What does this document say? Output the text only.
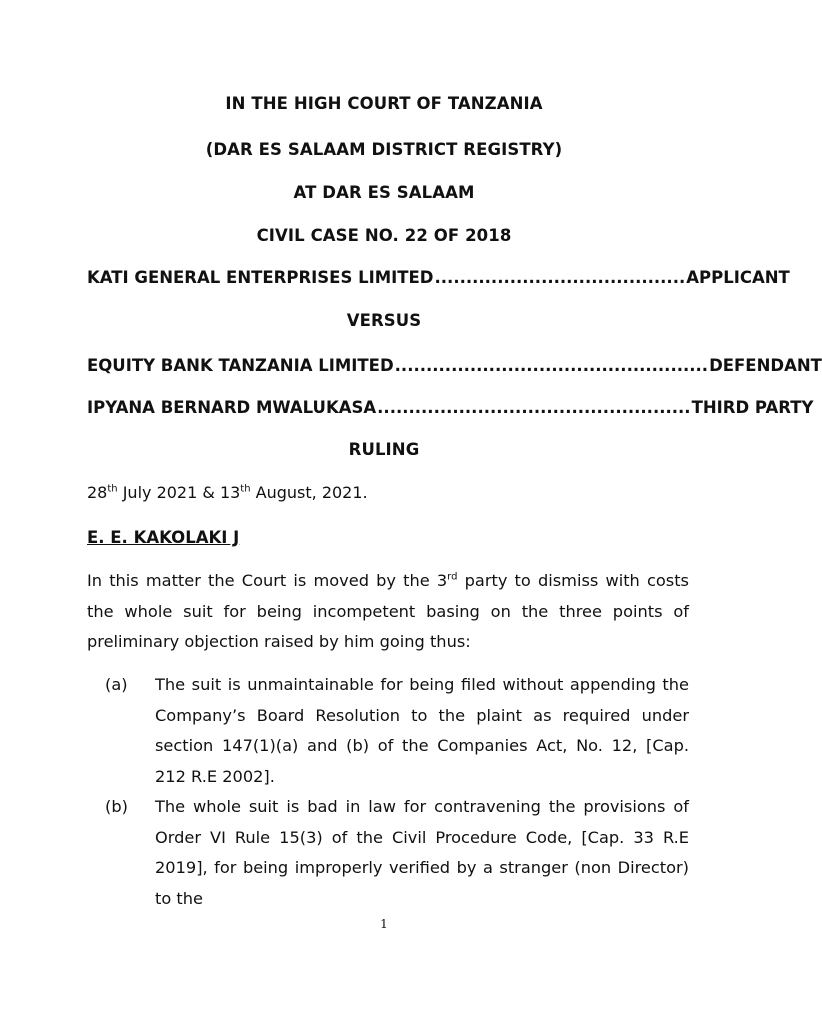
IN THE HIGH COURT OF TANZANIA
(DAR ES SALAAM DISTRICT REGISTRY)
AT DAR ES SALAAM
CIVIL CASE NO. 22 OF 2018
KATI GENERAL ENTERPRISES LIMITED ........................................ APPLICANT
VERSUS
EQUITY BANK TANZANIA LIMITED .................................................. DEFENDANT
IPYANA BERNARD MWALUKASA .................................................. THIRD PARTY
RULING
28th July 2021 & 13th August, 2021.
E. E. KAKOLAKI J
In this matter the Court is moved by the 3rd party to dismiss with costs the whole suit for being incompetent basing on the three points of preliminary objection raised by him going thus:
(a) The suit is unmaintainable for being filed without appending the Company’s Board Resolution to the plaint as required under section 147(1)(a) and (b) of the Companies Act, No. 12, [Cap. 212 R.E 2002].
(b) The whole suit is bad in law for contravening the provisions of Order VI Rule 15(3) of the Civil Procedure Code, [Cap. 33 R.E 2019], for being improperly verified by a stranger (non Director) to the
1
